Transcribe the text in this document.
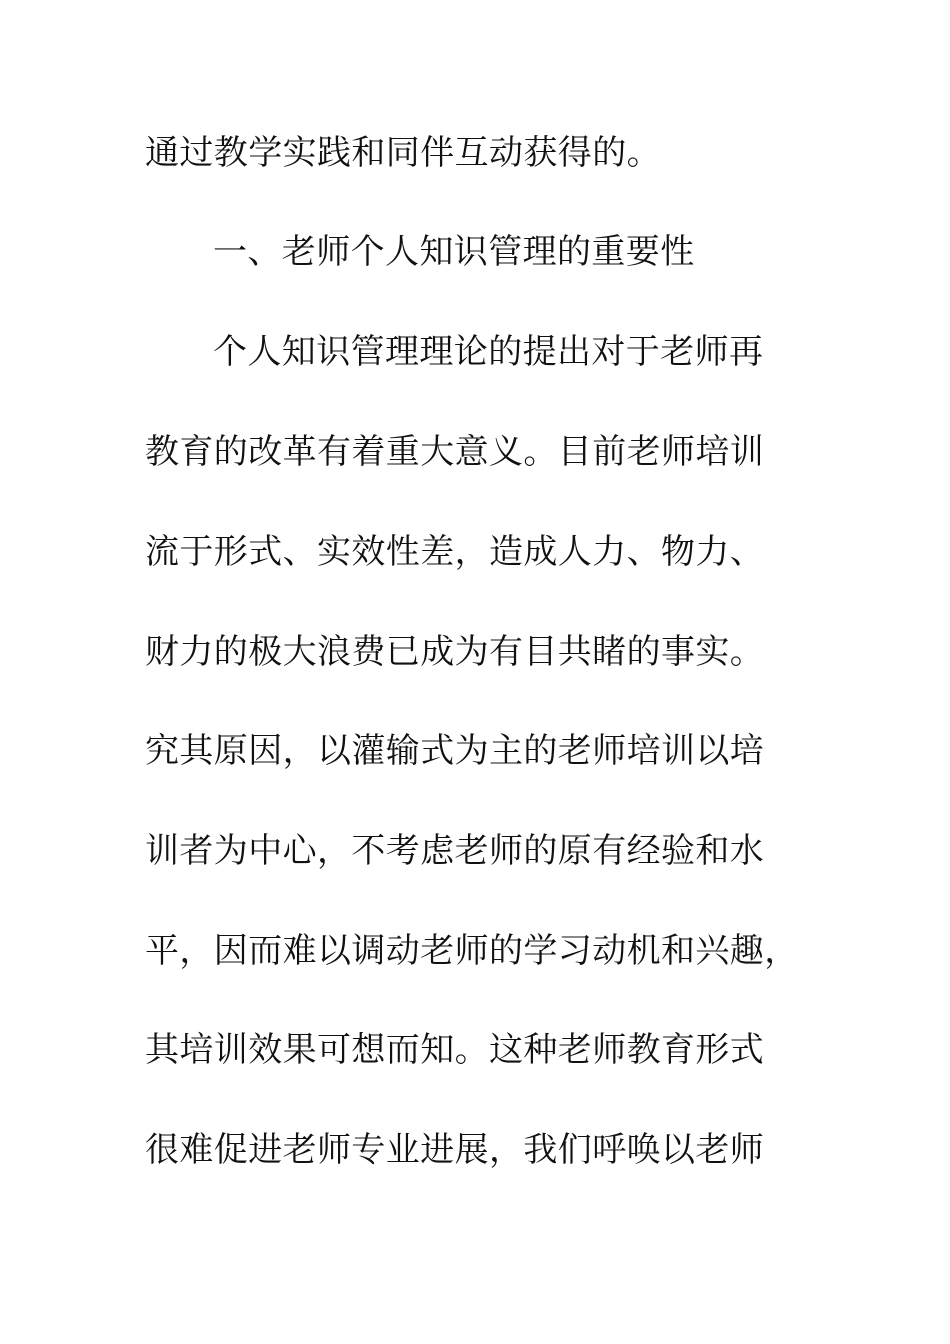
通过教学实践和同伴互动获得的。
一、老师个人知识管理的重要性
个人知识管理理论的提出对于老师再
教育的改革有着重大意义。目前老师培训
流于形式、实效性差，造成人力、物力、
财力的极大浪费已成为有目共睹的事实。
究其原因，以灌输式为主的老师培训以培
训者为中心，不考虑老师的原有经验和水
平，因而难以调动老师的学习动机和兴趣，
其培训效果可想而知。这种老师教育形式
很难促进老师专业进展，我们呼唤以老师
